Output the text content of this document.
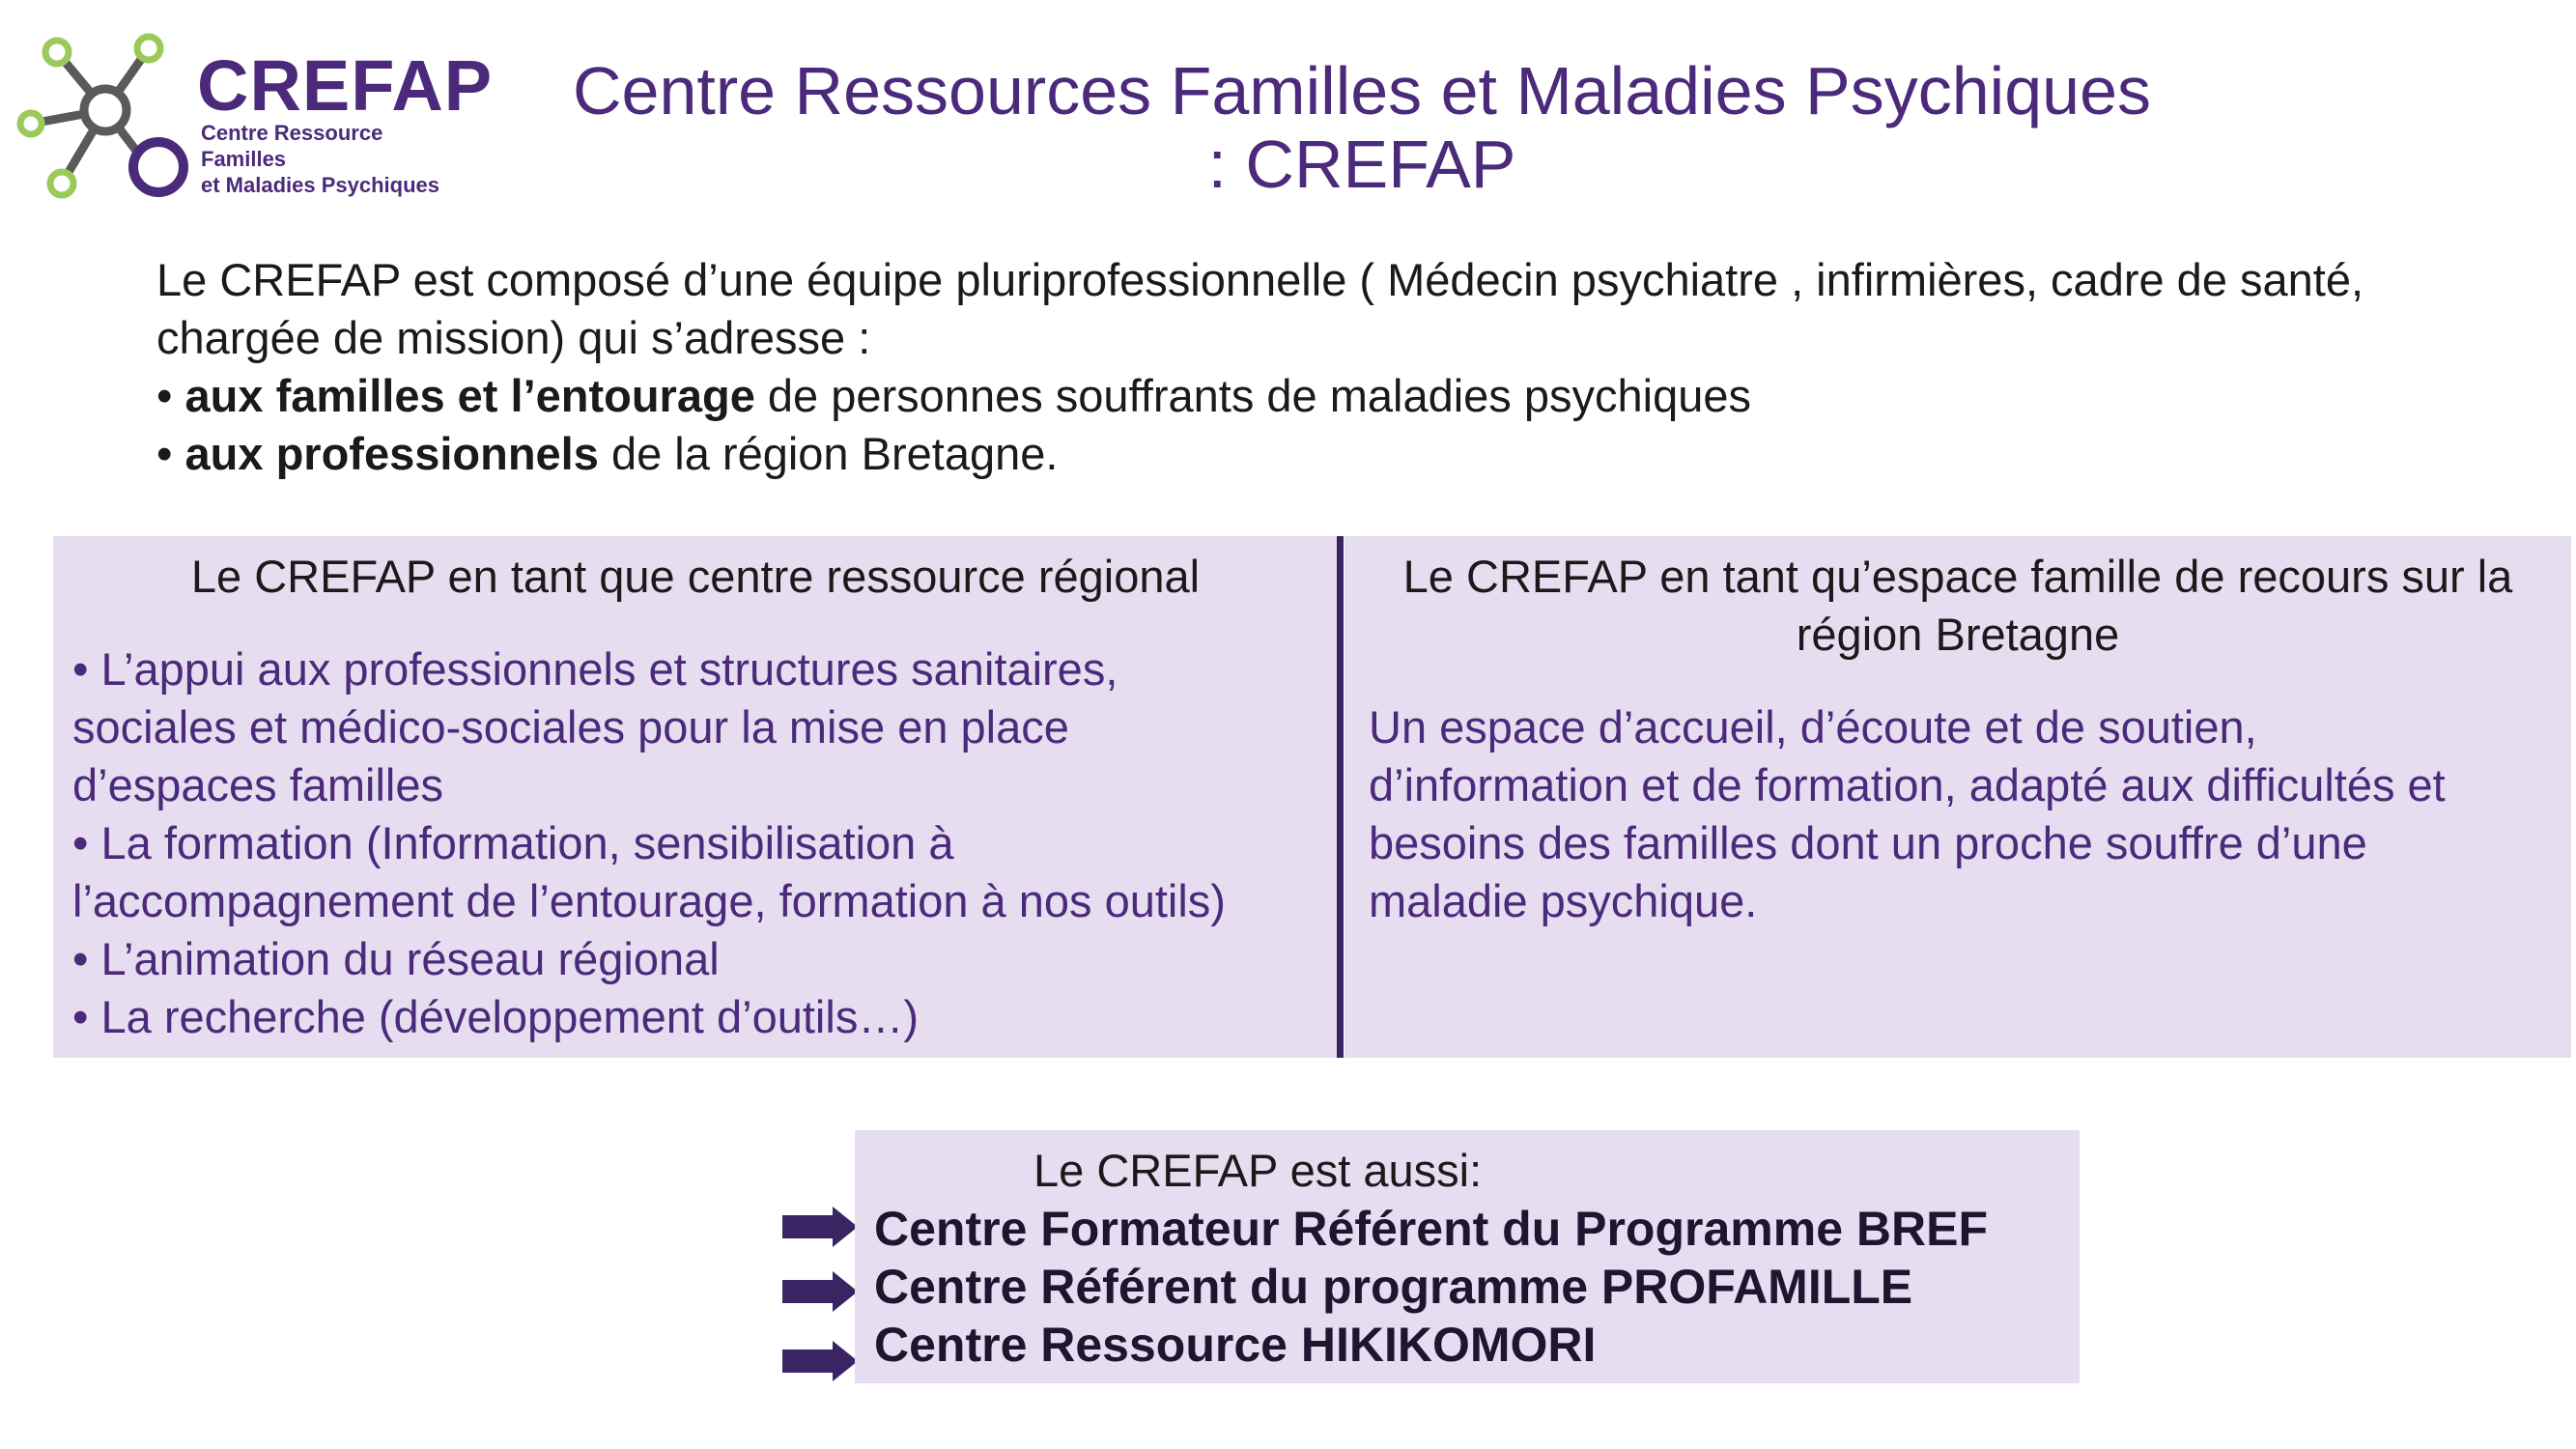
CREFAP
Centre Ressource Familles
et Maladies Psychiques
Centre Ressources Familles et Maladies Psychiques
: CREFAP

Le CREFAP est composé d’une équipe pluriprofessionnelle ( Médecin psychiatre , infirmières, cadre de santé,

chargée de mission) qui s’adresse :

• aux familles et l’entourage de personnes souffrants de maladies psychiques

• aux professionnels de la région Bretagne.

Le CREFAP en tant que centre ressource régional

• L’appui aux professionnels et structures sanitaires,
sociales et médico-sociales pour la mise en place
d’espaces familles
• La formation (Information, sensibilisation à
l’accompagnement de l’entourage, formation à nos outils)
• L’animation du réseau régional
• La recherche (développement d’outils…)
Le CREFAP en tant qu’espace famille de recours sur la
région Bretagne
Un espace d’accueil, d’écoute et de soutien,
d’information et de formation, adapté aux difficultés et
besoins des familles dont un proche souffre d’une
maladie psychique.

Le CREFAP est aussi:

Centre Formateur Référent du Programme BREF
Centre Référent du programme PROFAMILLE
Centre Ressource HIKIKOMORI
